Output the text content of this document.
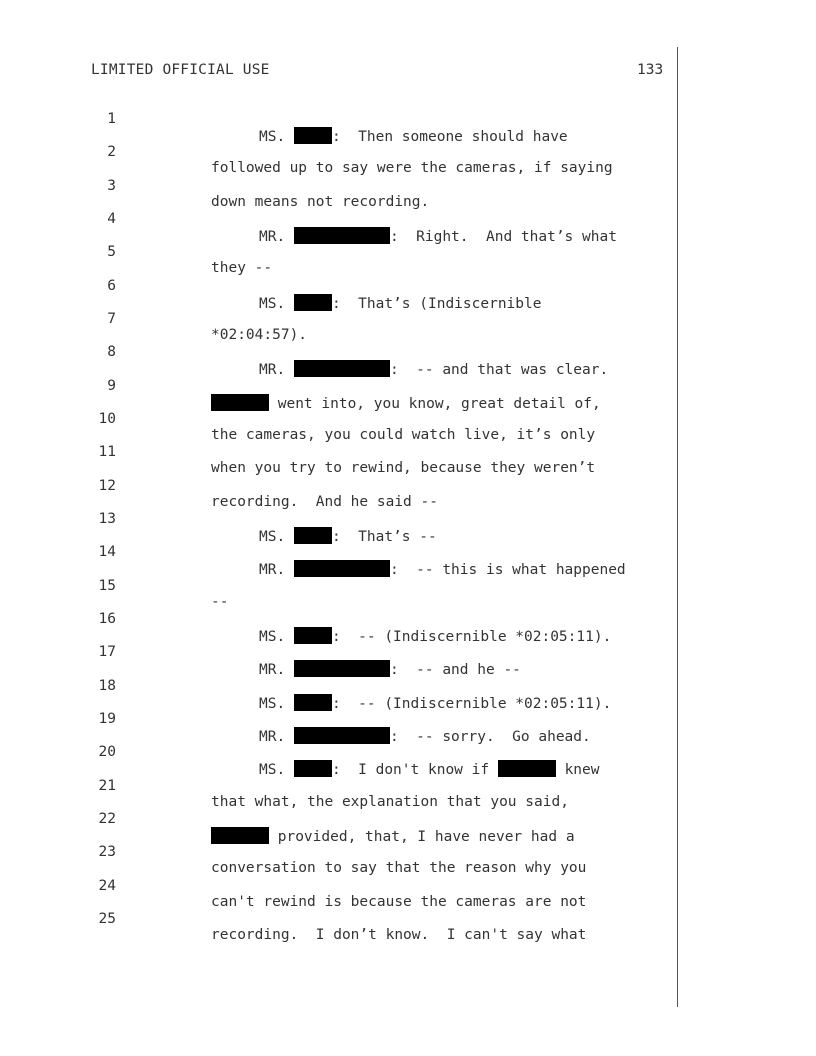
LIMITED OFFICIAL USE	133

1

MS.	: Then someone should have

2

followed up to say were the cameras, if saying

3

down means not recording.

4

MR.	: Right.  And that’s what

5

they --

6

MS.	: That’s (Indiscernible

7

*02:04:57).

8

MR.	: -- and that was clear.

9

went into, you know, great detail of,

10

the cameras, you could watch live, it’s only

11

when you try to rewind, because they weren’t

12

recording.  And he said --

13

MS.	: That’s --

14

MR.	: -- this is what happened

15

--

16

MS.	: -- (Indiscernible *02:05:11).

17

MR.	: -- and he --

18

MS.	: -- (Indiscernible *02:05:11).

19

MR.	: -- sorry.  Go ahead.

20

MS.	: I don't know if	knew

21

that what, the explanation that you said,

22

provided, that, I have never had a

23

conversation to say that the reason why you

24

can't rewind is because the cameras are not

25

recording.  I don’t know.  I can't say what
